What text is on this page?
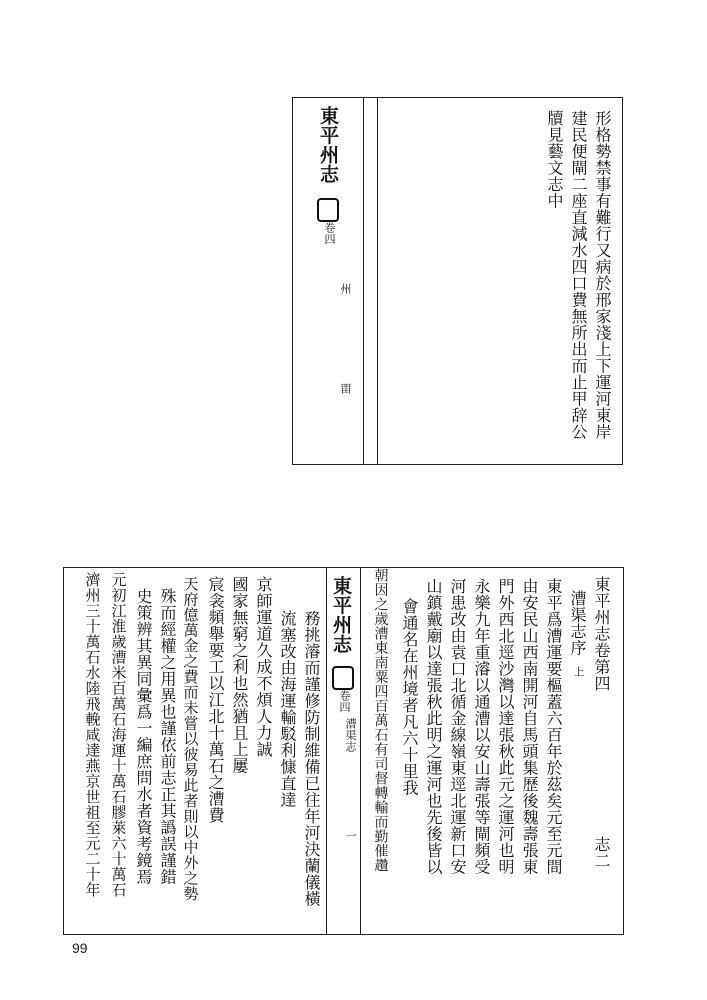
東平州志
卷四
州
㽞	形格勢禁事有難行又病於邢家淺上下運河東岸
建民便閘二座直減水四口費無所出而止甲辞公
牘見藝文志中
東平州志卷第四
志二
漕渠志序
上
東平爲漕運要樞蓋六百年於茲矣元至元間
由安民山西南開河自馬頭集歷後魏壽張東
門外西北逕沙灣以達張秋此元之運河也明
永樂九年重濬以通漕以安山壽張等閘頻受
河患改由袁口北循金線嶺東逕北運新口安
山鎮戴廟以達張秋此明之運河也先後皆以
會通名在州境者凡六十里我
朝因之歲漕東南粟四百萬石有司督轉輸而勤催趲
東平州志
卷四
漕渠志
一
務挑濬而謹修防制維備已往年河決蘭儀橫
流塞改由海運輸駁利慷直達
京師運道久成不煩人力誠
國家無窮之利也然猶且上屢
宸衾頻舉要工以江北十萬石之漕費
天府億萬金之費而未嘗以彼易此者則以中外之勢
殊而經權之用異也謹依前志正其譌誤謹錯
史策辨其異同彙爲一編庶問水者資考鏡焉
元初江淮歲漕米百萬石海運十萬石膠萊六十萬石
濟州三十萬石水陸飛輓咸達燕京世祖至元二十年
99
